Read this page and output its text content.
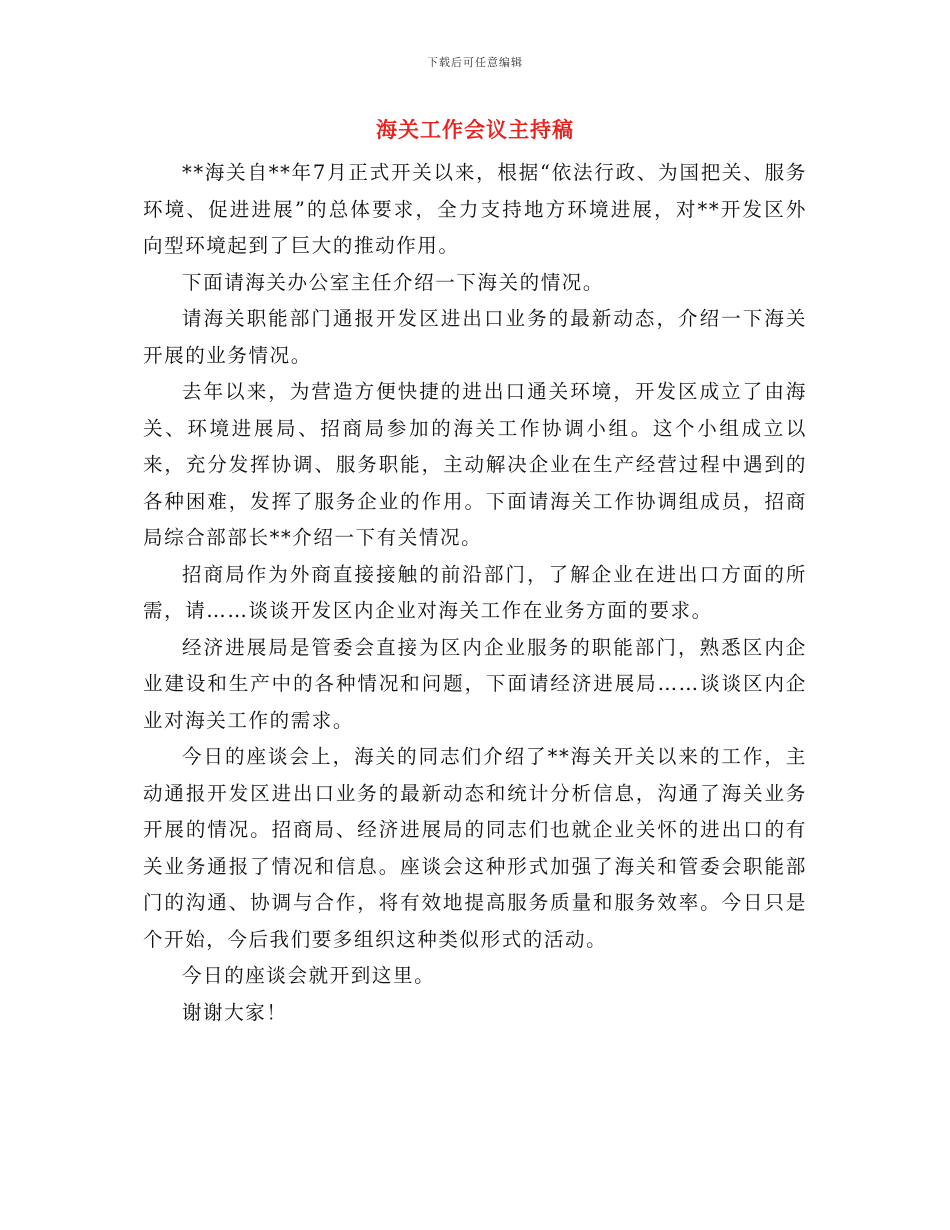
下载后可任意编辑
海关工作会议主持稿

**海关自**年7月正式开关以来，根据“依法行政、为国把关、服务环境、促进进展”的总体要求，全力支持地方环境进展，对**开发区外向型环境起到了巨大的推动作用。

下面请海关办公室主任介绍一下海关的情况。

请海关职能部门通报开发区进出口业务的最新动态，介绍一下海关开展的业务情况。

去年以来，为营造方便快捷的进出口通关环境，开发区成立了由海关、环境进展局、招商局参加的海关工作协调小组。这个小组成立以来，充分发挥协调、服务职能，主动解决企业在生产经营过程中遇到的各种困难，发挥了服务企业的作用。下面请海关工作协调组成员，招商局综合部部长**介绍一下有关情况。

招商局作为外商直接接触的前沿部门，了解企业在进出口方面的所需，请……谈谈开发区内企业对海关工作在业务方面的要求。

经济进展局是管委会直接为区内企业服务的职能部门，熟悉区内企业建设和生产中的各种情况和问题，下面请经济进展局……谈谈区内企业对海关工作的需求。

今日的座谈会上，海关的同志们介绍了**海关开关以来的工作，主动通报开发区进出口业务的最新动态和统计分析信息，沟通了海关业务开展的情况。招商局、经济进展局的同志们也就企业关怀的进出口的有关业务通报了情况和信息。座谈会这种形式加强了海关和管委会职能部门的沟通、协调与合作，将有效地提高服务质量和服务效率。今日只是个开始，今后我们要多组织这种类似形式的活动。

今日的座谈会就开到这里。

谢谢大家！
